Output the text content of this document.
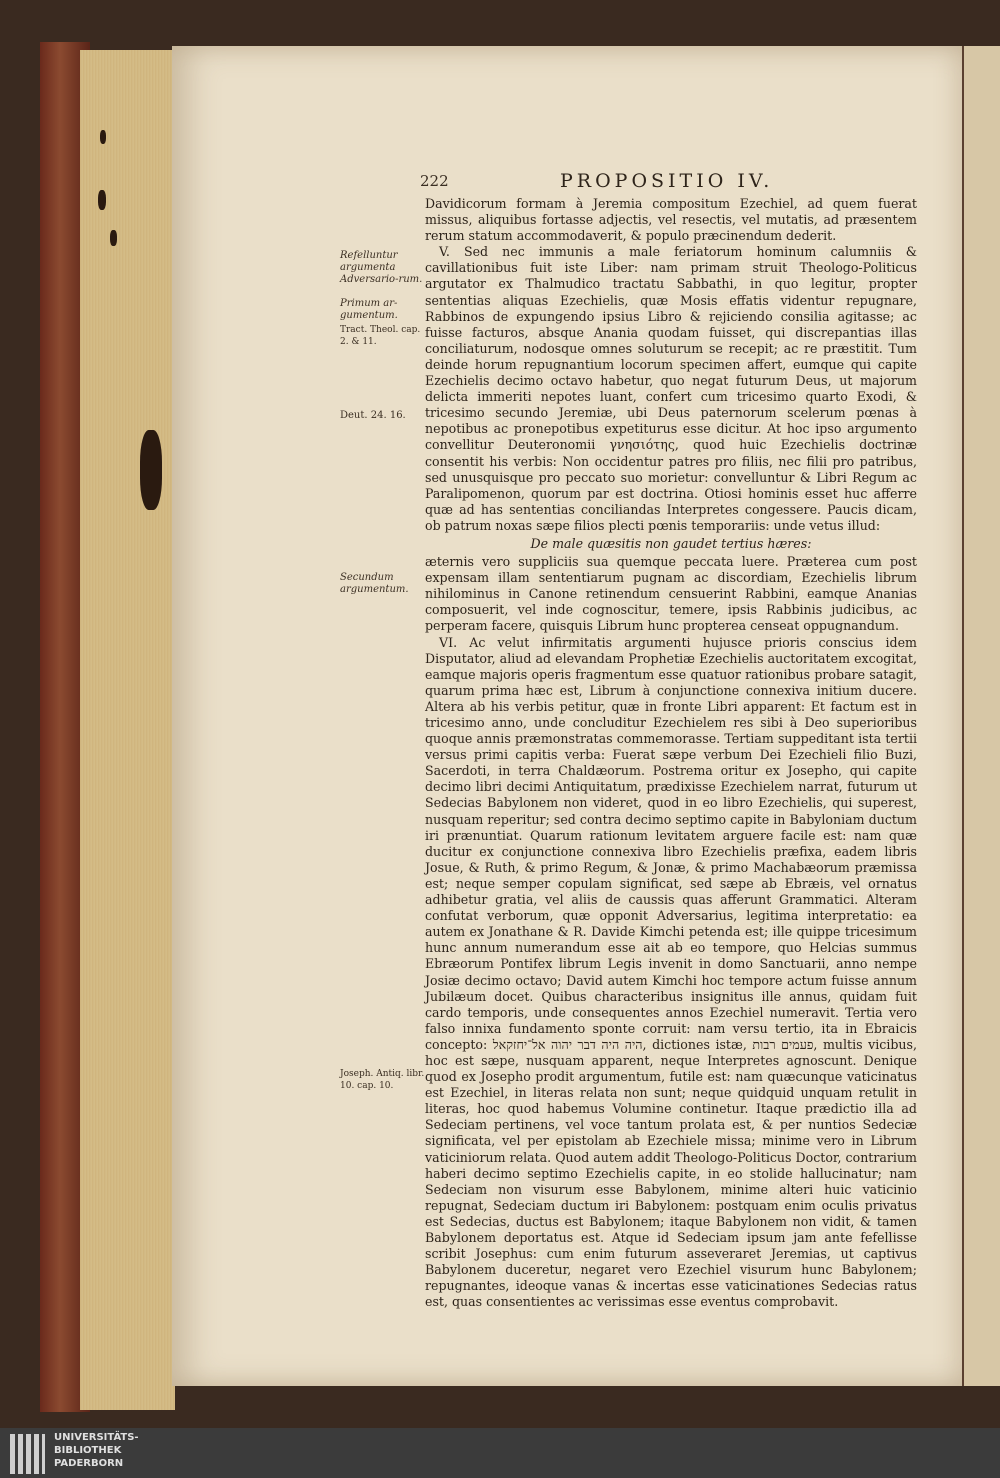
222	PROPOSITIO IV.
Refelluntur argumenta Adversario-rum.
Primum ar-gumentum.
Tract. Theol. cap. 2. & 11.
Deut. 24. 16.
Secundum argumentum.
Joseph. Antiq. libr. 10. cap. 10.

Davidicorum formam à Jeremia compositum Ezechiel, ad quem fuerat missus, aliquibus fortasse adjectis, vel resectis, vel mutatis, ad præsentem rerum statum accommodaverit, & populo præcinendum dederit.

V. Sed nec immunis a male feriatorum hominum calumniis & cavillationibus fuit iste Liber: nam primam struit Theologo-Politicus argutator ex Thalmudico tractatu Sabbathi, in quo legitur, propter sententias aliquas Ezechielis, quæ Mosis effatis videntur repugnare, Rabbinos de expungendo ipsius Libro & rejiciendo consilia agitasse; ac fuisse facturos, absque Anania quodam fuisset, qui discrepantias illas conciliaturum, nodosque omnes soluturum se recepit; ac re præstitit. Tum deinde horum repugnantium locorum specimen affert, eumque qui capite Ezechielis decimo octavo habetur, quo negat futurum Deus, ut majorum delicta immeriti nepotes luant, confert cum tricesimo quarto Exodi, & tricesimo secundo Jeremiæ, ubi Deus paternorum scelerum pœnas à nepotibus ac pronepotibus expetiturus esse dicitur. At hoc ipso argumento convellitur Deuteronomii γνησιότης, quod huic Ezechielis doctrinæ consentit his verbis: Non occidentur patres pro filiis, nec filii pro patribus, sed unusquisque pro peccato suo morietur: convelluntur & Libri Regum ac Paralipomenon, quorum par est doctrina. Otiosi hominis esset huc afferre quæ ad has sententias conciliandas Interpretes congessere. Paucis dicam, ob patrum noxas sæpe filios plecti pœnis temporariis: unde vetus illud:

De male quæsitis non gaudet tertius hæres:

æternis vero suppliciis sua quemque peccata luere. Præterea cum post expensam illam sententiarum pugnam ac discordiam, Ezechielis librum nihilominus in Canone retinendum censuerint Rabbini, eamque Ananias composuerit, vel inde cognoscitur, temere, ipsis Rabbinis judicibus, ac perperam facere, quisquis Librum hunc propterea censeat oppugnandum.

VI. Ac velut infirmitatis argumenti hujusce prioris conscius idem Disputator, aliud ad elevandam Prophetiæ Ezechielis auctoritatem excogitat, eamque majoris operis fragmentum esse quatuor rationibus probare satagit, quarum prima hæc est, Librum à conjunctione connexiva initium ducere. Altera ab his verbis petitur, quæ in fronte Libri apparent: Et factum est in tricesimo anno, unde concluditur Ezechielem res sibi à Deo superioribus quoque annis præmonstratas commemorasse. Tertiam suppeditant ista tertii versus primi capitis verba: Fuerat sæpe verbum Dei Ezechieli filio Buzi, Sacerdoti, in terra Chaldæorum. Postrema oritur ex Josepho, qui capite decimo libri decimi Antiquitatum, prædixisse Ezechielem narrat, futurum ut Sedecias Babylonem non videret, quod in eo libro Ezechielis, qui superest, nusquam reperitur; sed contra decimo septimo capite in Babyloniam ductum iri prænuntiat. Quarum rationum levitatem arguere facile est: nam quæ ducitur ex conjunctione connexiva libro Ezechielis præfixa, eadem libris Josue, & Ruth, & primo Regum, & Jonæ, & primo Machabæorum præmissa est; neque semper copulam significat, sed sæpe ab Ebræis, vel ornatus adhibetur gratia, vel aliis de caussis quas afferunt Grammatici. Alteram confutat verborum, quæ opponit Adversarius, legitima interpretatio: ea autem ex Jonathane & R. Davide Kimchi petenda est; ille quippe tricesimum hunc annum numerandum esse ait ab eo tempore, quo Helcias summus Ebræorum Pontifex librum Legis invenit in domo Sanctuarii, anno nempe Josiæ decimo octavo; David autem Kimchi hoc tempore actum fuisse annum Jubilæum docet. Quibus characteribus insignitus ille annus, quidam fuit cardo temporis, unde consequentes annos Ezechiel numeravit. Tertia vero falso innixa fundamento sponte corruit: nam versu tertio, ita in Ebraicis concepto: היה היה דבר יהוה אל־יחזקאל, dictiones istæ, פעמים רבות, multis vicibus, hoc est sæpe, nusquam apparent, neque Interpretes agnoscunt. Denique quod ex Josepho prodit argumentum, futile est: nam quæcunque vaticinatus est Ezechiel, in literas relata non sunt; neque quidquid unquam retulit in literas, hoc quod habemus Volumine continetur. Itaque prædictio illa ad Sedeciam pertinens, vel voce tantum prolata est, & per nuntios Sedeciæ significata, vel per epistolam ab Ezechiele missa; minime vero in Librum vaticiniorum relata. Quod autem addit Theologo-Politicus Doctor, contrarium haberi decimo septimo Ezechielis capite, in eo stolide hallucinatur; nam Sedeciam non visurum esse Babylonem, minime alteri huic vaticinio repugnat, Sedeciam ductum iri Babylonem: postquam enim oculis privatus est Sedecias, ductus est Babylonem; itaque Babylonem non vidit, & tamen Babylonem deportatus est. Atque id Sedeciam ipsum jam ante fefellisse scribit Josephus: cum enim futurum asseveraret Jeremias, ut captivus Babylonem duceretur, negaret vero Ezechiel visurum hunc Babylonem; repugnantes, ideoque vanas & incertas esse vaticinationes Sedecias ratus est, quas consentientes ac verissimas esse eventus comprobavit.

UNIVERSITÄTS-
BIBLIOTHEK
PADERBORN
